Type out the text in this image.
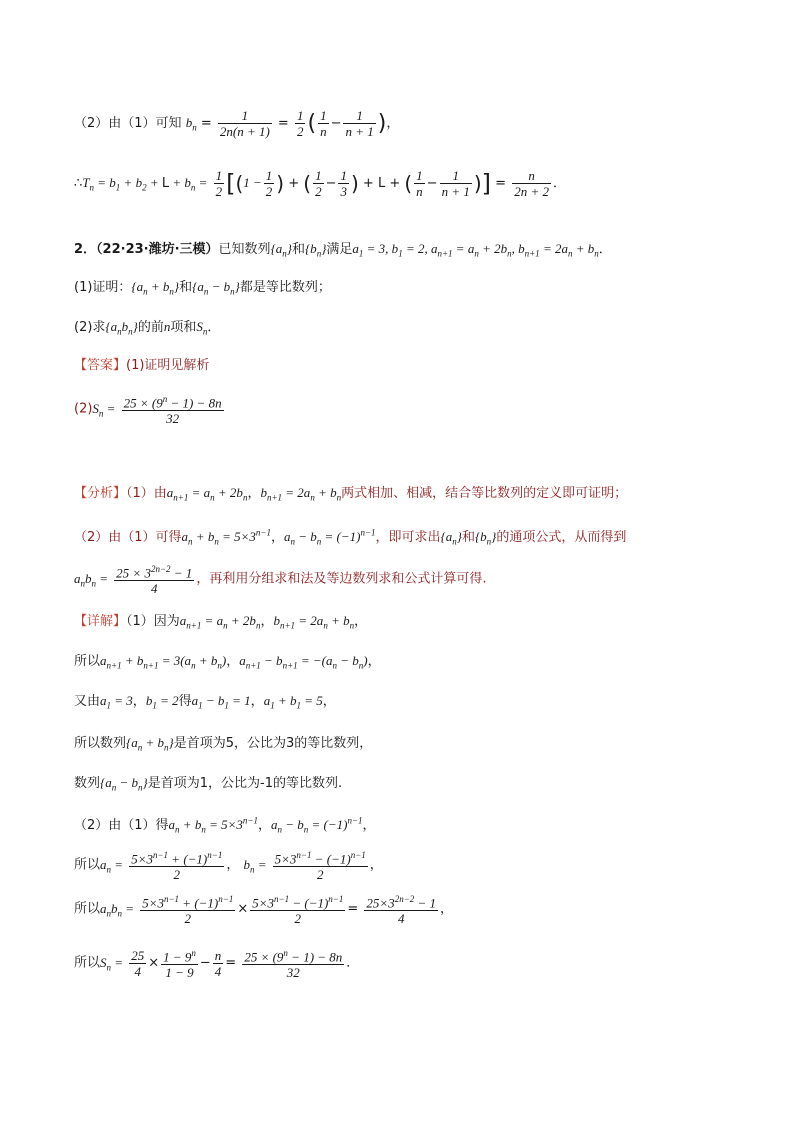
（2）由（1）可知 $b_n = \frac{1}{2n(n + 1)} = \frac{1}{2}$ ( $\frac{1}{n} - \frac{1}{n + 1}$ )，
$\therefore T_n = b_1 + b_2 + L + b_n = \frac{1}{2} [(1 - \frac{1}{2}$ ) + ( $\frac{1}{2} - \frac{1}{3}$ ) + L + ( $\frac{1}{n} - \frac{1}{n + 1}$ )] = $\frac{n}{2n + 2}$ ．
2．（22·23·潍坊·三模）已知数列$\{a_n\}$和$\{b_n\}$满足$a_1 = 3$, $b_1 = 2$, $a_{n+1} = a_n + 2b_n$, $b_{n+1} = 2a_n + b_n$．
(1)证明：$\{a_n + b_n\}$和$\{a_n - b_n\}$都是等比数列；
(2)求$\{a_nb_n\}$的前n项和$S_n$．
【答案】(1)证明见解析
$(2)S_n = \frac{25 \times (9^n - 1) - 8n}{32}$
【分析】（1）由$a_{n+1} = a_n + 2b_n$，$b_{n+1} = 2a_n + b_n$两式相加、相减，结合等比数列的定义即可证明；
（2）由（1）可得$a_n + b_n = 5\times 3^{n-1}$，$a_n - b_n = (-1)^{n-1}$，即可求出$\{a_n\}$和$\{b_n\}$的通项公式，从而得到
$a_nb_n = \frac{25 \times 3^{2n-2} - 1}{4}$ ，再利用分组求和法及等边数列求和公式计算可得.
【详解】（1）因为$a_{n+1} = a_n + 2b_n$，$b_{n+1} = 2a_n + b_n$，
所以$a_{n+1} + b_{n+1} = 3(a_n + b_n)$，$a_{n+1} - b_{n+1} = -(a_n - b_n)$，
又由$a_1 = 3$，$b_1 = 2$得$a_1 - b_1 = 1$，$a_1 + b_1 = 5$，
所以数列$\{a_n + b_n\}$是首项为5，公比为3的等比数列，
数列$\{a_n - b_n\}$是首项为1，公比为-1的等比数列.
（2）由（1）得$a_n + b_n = 5\times 3^{n-1}$，$a_n - b_n = (-1)^{n-1}$，
所以$a_n = \frac{5\times 3^{n-1} + (-1)^{n-1}}{2}$ ， $b_n = \frac{5\times 3^{n-1} - (-1)^{n-1}}{2}$ ，
所以$a_nb_n = \frac{5\times 3^{n-1} + (-1)^{n-1}}{2} \times \frac{5\times 3^{n-1} - (-1)^{n-1}}{2} = \frac{25\times 3^{2n-2} - 1}{4}$ ，
所以$S_n = \frac{25}{4} \times \frac{1 - 9^n}{1 - 9} - \frac{n}{4} = \frac{25 \times (9^n - 1) - 8n}{32}$ ．
